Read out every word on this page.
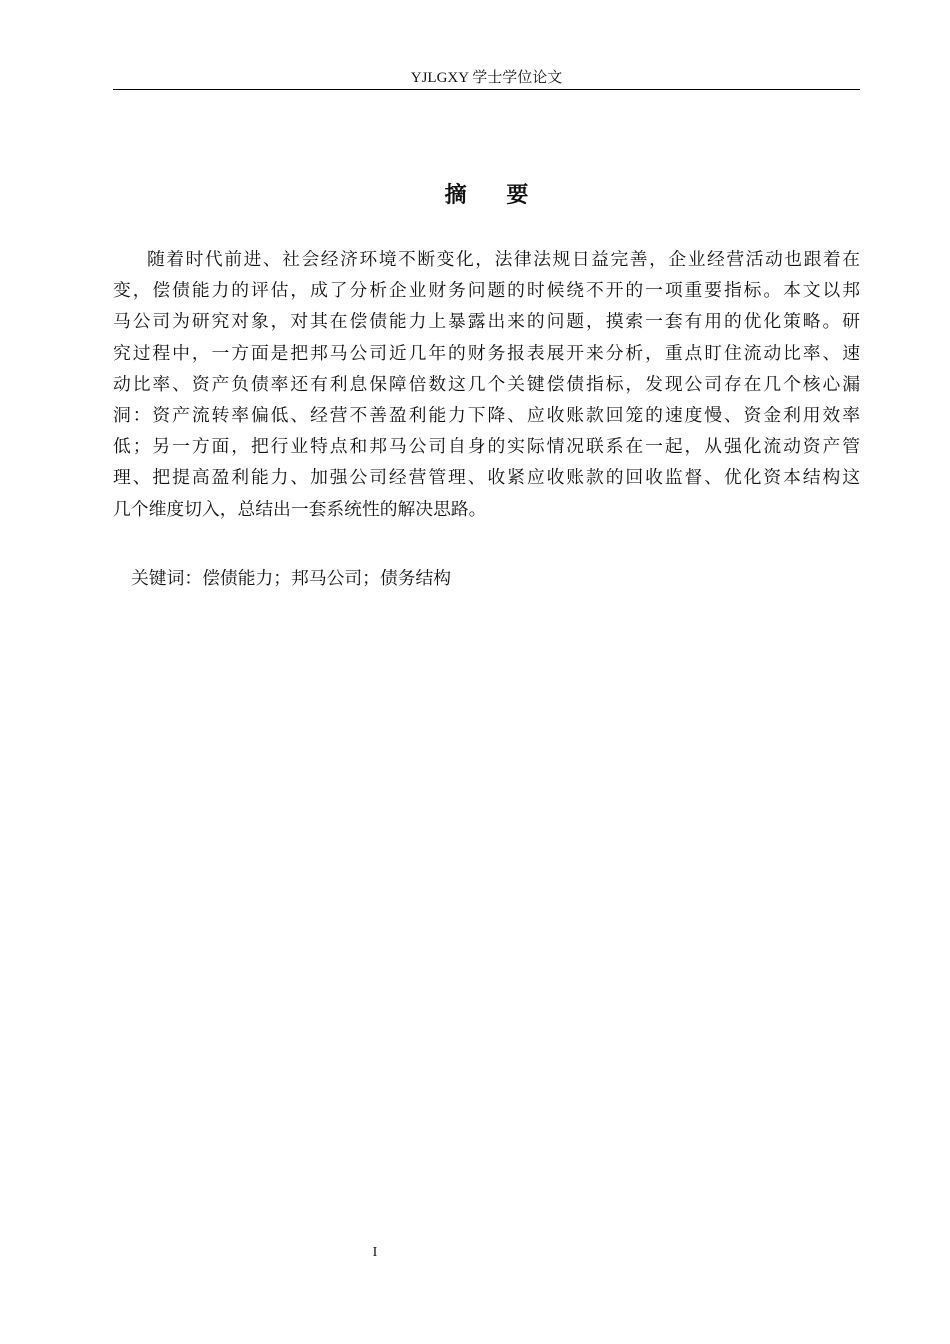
YJLGXY 学士学位论文
摘 要
随着时代前进、社会经济环境不断变化，法律法规日益完善，企业经营活动也跟着在
变，偿债能力的评估，成了分析企业财务问题的时候绕不开的一项重要指标。本文以邦
马公司为研究对象，对其在偿债能力上暴露出来的问题，摸索一套有用的优化策略。研
究过程中，一方面是把邦马公司近几年的财务报表展开来分析，重点盯住流动比率、速
动比率、资产负债率还有利息保障倍数这几个关键偿债指标，发现公司存在几个核心漏
洞：资产流转率偏低、经营不善盈利能力下降、应收账款回笼的速度慢、资金利用效率
低；另一方面，把行业特点和邦马公司自身的实际情况联系在一起，从强化流动资产管
理、把提高盈利能力、加强公司经营管理、收紧应收账款的回收监督、优化资本结构这
几个维度切入，总结出一套系统性的解决思路。
关键词：偿债能力；邦马公司；债务结构
I
